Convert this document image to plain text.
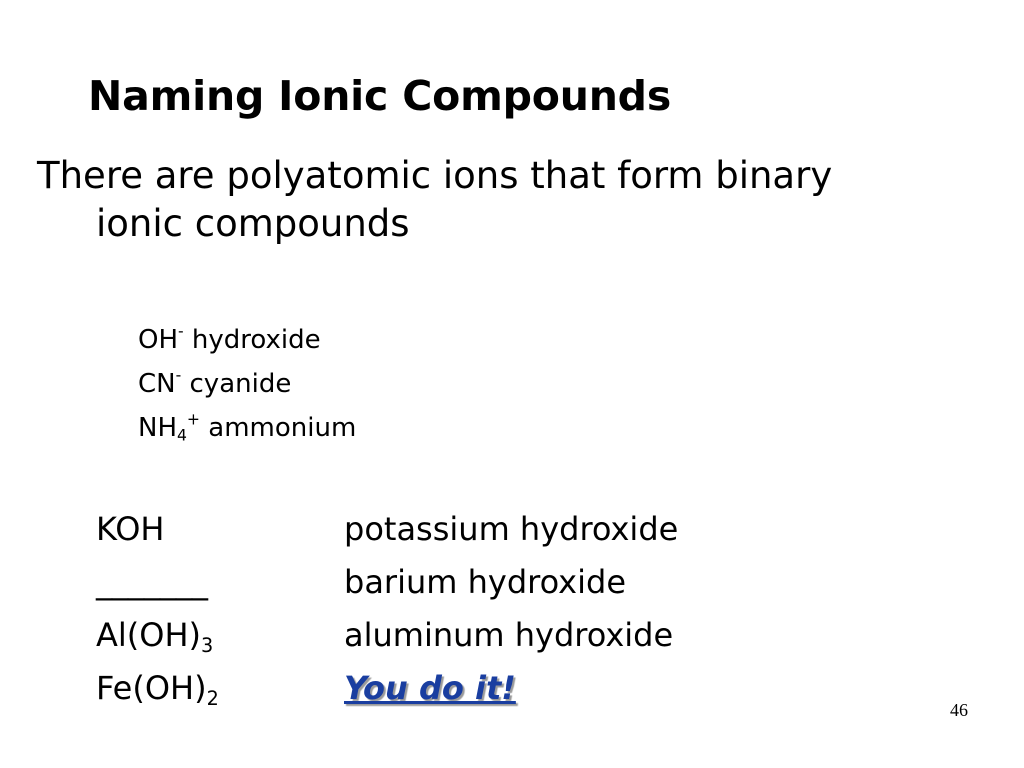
Naming Ionic Compounds
There are polyatomic ions that form binary
ionic compounds
OH- hydroxide
CN- cyanide
$NH_4^+$ ammonium
KOH	potassium hydroxide
_______	barium hydroxide
$Al(OH)_3$	aluminum hydroxide
$Fe(OH)_2$	You do it!
46
